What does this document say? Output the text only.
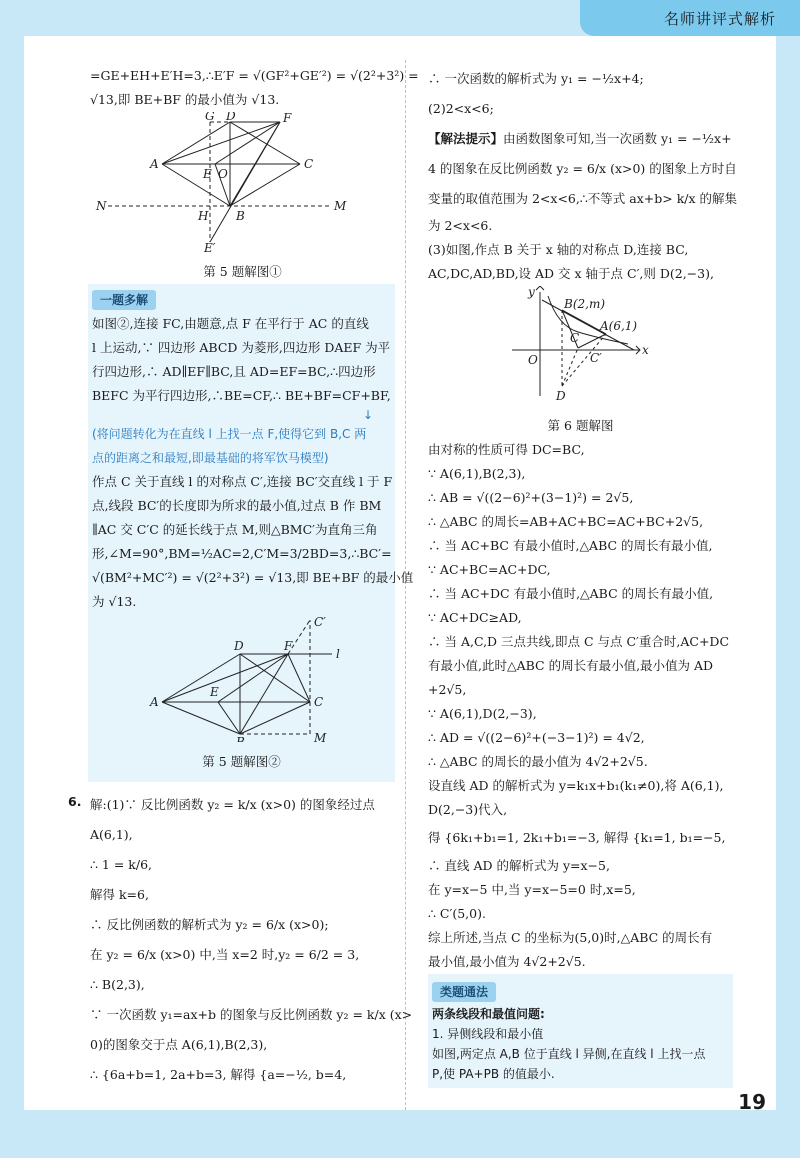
名师讲评式解析
=GE+EH+E′H=3,∴E′F = √(GF²+GE′²) = √(2²+3²) =
√13,即 BE+BF 的最小值为 √13.
G D	F
A	C
E O
N	M
H B
E′
第 5 题解图①
一题多解
如图②,连接 FC,由题意,点 F 在平行于 AC 的直线
l 上运动,∵ 四边形 ABCD 为菱形,四边形 DAEF 为平
行四边形,∴ AD∥EF∥BC,且 AD=EF=BC,∴四边形
BEFC 为平行四边形,∴BE=CF,∴ BE+BF=CF+BF,
↓
(将问题转化为在直线 l 上找一点 F,使得它到 B,C 两
点的距离之和最短,即最基础的将军饮马模型)
作点 C 关于直线 l 的对称点 C′,连接 BC′交直线 l 于 F
点,线段 BC′的长度即为所求的最小值,过点 B 作 BM
∥AC 交 C′C 的延长线于点 M,则△BMC′为直角三角
形,∠M=90°,BM=½AC=2,C′M=3/2BD=3,∴BC′=
√(BM²+MC′²) = √(2²+3²) = √13,即 BE+BF 的最小值
为 √13.
C′
D	F
l
A
E
C
B	M
第 5 题解图②
6. 解:(1)∵ 反比例函数 y₂ = k/x (x>0) 的图象经过点
A(6,1),
∴ 1 = k/6,
解得 k=6,
∴ 反比例函数的解析式为 y₂ = 6/x (x>0);
在 y₂ = 6/x (x>0) 中,当 x=2 时,y₂ = 6/2 = 3,
∴ B(2,3),
∵ 一次函数 y₁=ax+b 的图象与反比例函数 y₂ = k/x (x>
0)的图象交于点 A(6,1),B(2,3),
∴ {6a+b=1, 2a+b=3, 解得 {a=−½, b=4,
∴ 一次函数的解析式为 y₁ = −½x+4;
(2)2<x<6;
【解法提示】由函数图象可知,当一次函数 y₁ = −½x+
4 的图象在反比例函数 y₂ = 6/x (x>0) 的图象上方时自
变量的取值范围为 2<x<6,∴不等式 ax+b> k/x 的解集
为 2<x<6.
(3)如图,作点 B 关于 x 轴的对称点 D,连接 BC,
AC,DC,AD,BD,设 AD 交 x 轴于点 C′,则 D(2,−3),
y
x
O
B(2,m)
A(6,1)
C
C′
D
第 6 题解图
由对称的性质可得 DC=BC,
∵ A(6,1),B(2,3),
∴ AB = √((2−6)²+(3−1)²) = 2√5,
∴ △ABC 的周长=AB+AC+BC=AC+BC+2√5,
∴ 当 AC+BC 有最小值时,△ABC 的周长有最小值,
∵ AC+BC=AC+DC,
∴ 当 AC+DC 有最小值时,△ABC 的周长有最小值,
∵ AC+DC≥AD,
∴ 当 A,C,D 三点共线,即点 C 与点 C′重合时,AC+DC
有最小值,此时△ABC 的周长有最小值,最小值为 AD
+2√5,
∵ A(6,1),D(2,−3),
∴ AD = √((2−6)²+(−3−1)²) = 4√2,
∴ △ABC 的周长的最小值为 4√2+2√5.
设直线 AD 的解析式为 y=k₁x+b₁(k₁≠0),将 A(6,1),
D(2,−3)代入,
得 {6k₁+b₁=1, 2k₁+b₁=−3, 解得 {k₁=1, b₁=−5,
∴ 直线 AD 的解析式为 y=x−5,
在 y=x−5 中,当 y=x−5=0 时,x=5,
∴ C′(5,0).
综上所述,当点 C 的坐标为(5,0)时,△ABC 的周长有
最小值,最小值为 4√2+2√5.
类题通法
两条线段和最值问题:
1. 异侧线段和最小值
如图,两定点 A,B 位于直线 l 异侧,在直线 l 上找一点
P,使 PA+PB 的值最小.
19
